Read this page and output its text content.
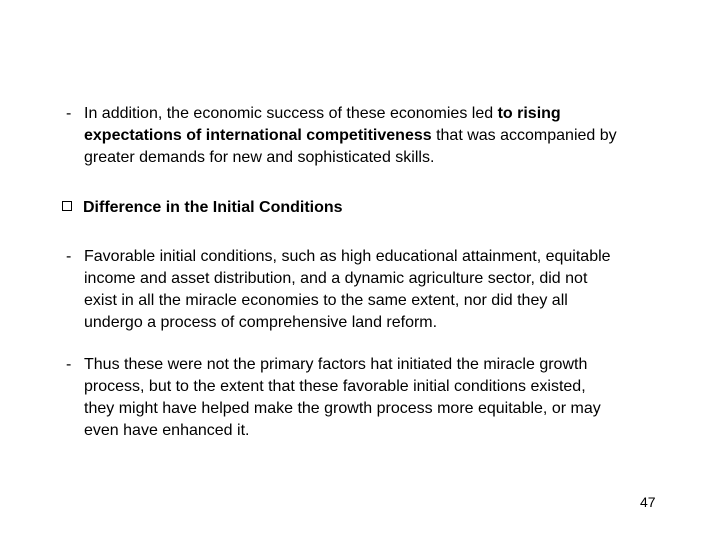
- In addition, the economic success of these economies led to rising
expectations of international competitiveness that was accompanied by
greater demands for new and sophisticated skills.
Difference in the Initial Conditions
- Favorable initial conditions, such as high educational attainment, equitable
income and asset distribution, and a dynamic agriculture sector, did not
exist in all the miracle economies to the same extent, nor did they all
undergo a process of comprehensive land reform.
- Thus these were not the primary factors hat initiated the miracle growth
process, but to the extent that these favorable initial conditions existed,
they might have helped make the growth process more equitable, or may
even have enhanced it.
47
